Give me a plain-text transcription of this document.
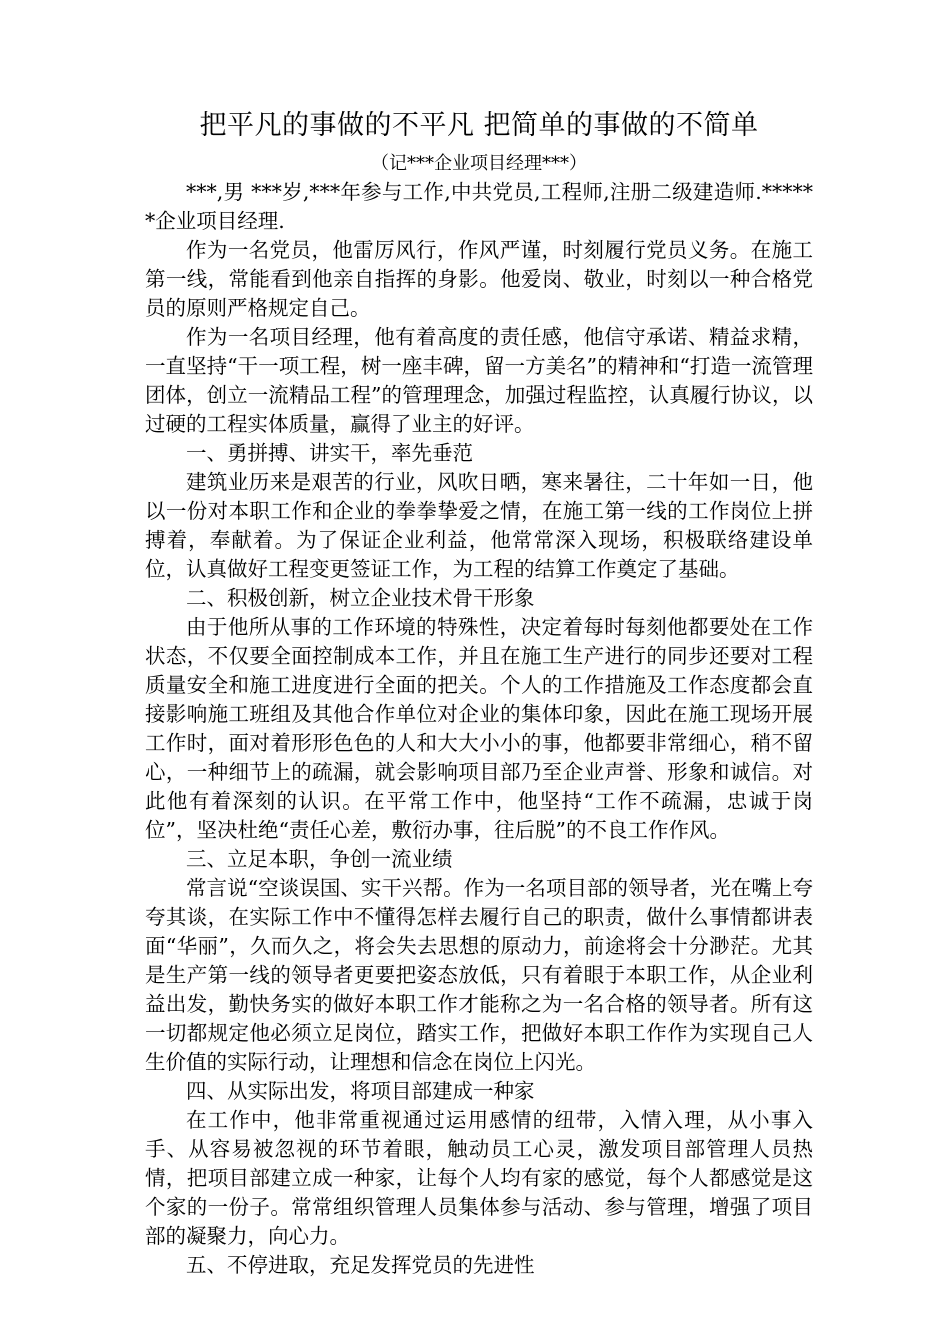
把平凡的事做的不平凡 把简单的事做的不简单
（记***企业项目经理***）

***,男 ***岁,***年参与工作,中共党员,工程师,注册二级建造师.******企业项目经理.

作为一名党员，他雷厉风行，作风严谨，时刻履行党员义务。在施工第一线，常能看到他亲自指挥的身影。他爱岗、敬业，时刻以一种合格党员的原则严格规定自己。

作为一名项目经理，他有着高度的责任感，他信守承诺、精益求精，一直坚持“干一项工程，树一座丰碑，留一方美名”的精神和“打造一流管理团体，创立一流精品工程”的管理理念，加强过程监控，认真履行协议，以过硬的工程实体质量，赢得了业主的好评。

一、勇拼搏、讲实干，率先垂范

建筑业历来是艰苦的行业，风吹日晒，寒来暑往，二十年如一日，他以一份对本职工作和企业的拳拳挚爱之情，在施工第一线的工作岗位上拼搏着，奉献着。为了保证企业利益，他常常深入现场，积极联络建设单位，认真做好工程变更签证工作，为工程的结算工作奠定了基础。

二、积极创新，树立企业技术骨干形象

由于他所从事的工作环境的特殊性，决定着每时每刻他都要处在工作状态，不仅要全面控制成本工作，并且在施工生产进行的同步还要对工程质量安全和施工进度进行全面的把关。个人的工作措施及工作态度都会直接影响施工班组及其他合作单位对企业的集体印象，因此在施工现场开展工作时，面对着形形色色的人和大大小小的事，他都要非常细心，稍不留心，一种细节上的疏漏，就会影响项目部乃至企业声誉、形象和诚信。对此他有着深刻的认识。在平常工作中，他坚持“工作不疏漏，忠诚于岗位”，坚决杜绝“责任心差，敷衍办事，往后脱”的不良工作作风。

三、立足本职，争创一流业绩

常言说“空谈误国、实干兴帮。作为一名项目部的领导者，光在嘴上夸夸其谈，在实际工作中不懂得怎样去履行自己的职责，做什么事情都讲表面“华丽”，久而久之，将会失去思想的原动力，前途将会十分渺茫。尤其是生产第一线的领导者更要把姿态放低，只有着眼于本职工作，从企业利益出发，勤快务实的做好本职工作才能称之为一名合格的领导者。所有这一切都规定他必须立足岗位，踏实工作，把做好本职工作作为实现自己人生价值的实际行动，让理想和信念在岗位上闪光。

四、从实际出发，将项目部建成一种家

在工作中，他非常重视通过运用感情的纽带，入情入理，从小事入手、从容易被忽视的环节着眼，触动员工心灵，激发项目部管理人员热情，把项目部建立成一种家，让每个人均有家的感觉，每个人都感觉是这个家的一份子。常常组织管理人员集体参与活动、参与管理，增强了项目部的凝聚力，向心力。

五、不停进取，充足发挥党员的先进性
